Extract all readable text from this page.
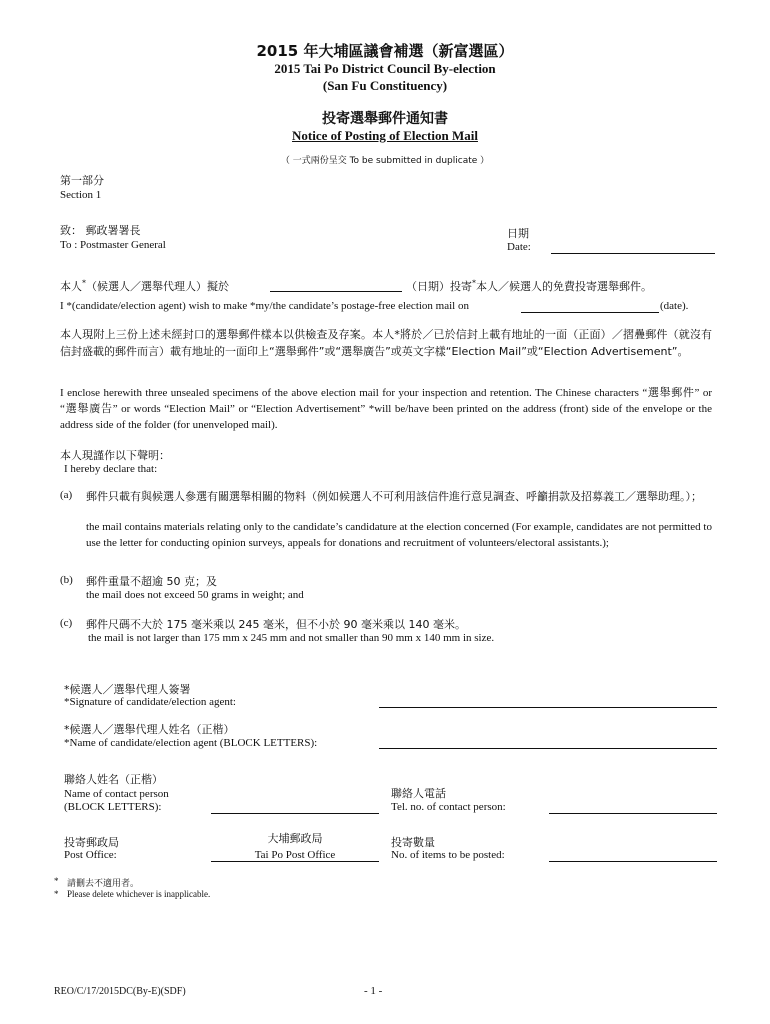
2015 年大埔區議會補選（新富選區）
2015 Tai Po District Council By-election
(San Fu Constituency)
投寄選舉郵件通知書
Notice of Posting of Election Mail
（ 一式兩份呈交 To be submitted in duplicate ）
第一部分
Section 1
致： 郵政署署長
To : Postmaster General
日期
Date:
本人*（候選人／選舉代理人）擬於	（日期）投寄*本人／候選人的免費投寄選舉郵件。
I *(candidate/election agent) wish to make *my/the candidate’s postage-free election mail on	(date).
本人現附上三份上述未經封口的選舉郵件樣本以供檢查及存案。本人*將於／已於信封上載有地址的一面（正面）／摺疊郵件（就沒有信封盛載的郵件而言）載有地址的一面印上“選舉郵件”或“選舉廣告”或英文字樣“Election Mail”或“Election Advertisement”。
I enclose herewith three unsealed specimens of the above election mail for your inspection and retention. The Chinese characters “選舉郵件” or “選舉廣告” or words “Election Mail” or “Election Advertisement” *will be/have been printed on the address (front) side of the envelope or the address side of the folder (for unenveloped mail).
本人現謹作以下聲明：
I hereby declare that:
(a) 郵件只載有與候選人參選有關選舉相關的物料（例如候選人不可利用該信件進行意見調查、呼籲捐款及招募義工／選舉助理。）；
the mail contains materials relating only to the candidate’s candidature at the election concerned (For example, candidates are not permitted to use the letter for conducting opinion surveys, appeals for donations and recruitment of volunteers/electoral assistants.);
(b) 郵件重量不超逾 50 克；及
the mail does not exceed 50 grams in weight; and
(c) 郵件尺碼不大於 175 毫米乘以 245 毫米，但不小於 90 毫米乘以 140 毫米。
the mail is not larger than 175 mm x 245 mm and not smaller than 90 mm x 140 mm in size.
*候選人／選舉代理人簽署
*Signature of candidate/election agent:
*候選人／選舉代理人姓名（正楷）
*Name of candidate/election agent (BLOCK LETTERS):
聯絡人姓名（正楷）
Name of contact person
(BLOCK LETTERS):
聯絡人電話
Tel. no. of contact person:
投寄郵政局
Post Office:
大埔郵政局
Tai Po Post Office
投寄數量
No. of items to be posted:
* 請刪去不適用者。
* Please delete whichever is inapplicable.
REO/C/17/2015DC(By-E)(SDF)	- 1 -
